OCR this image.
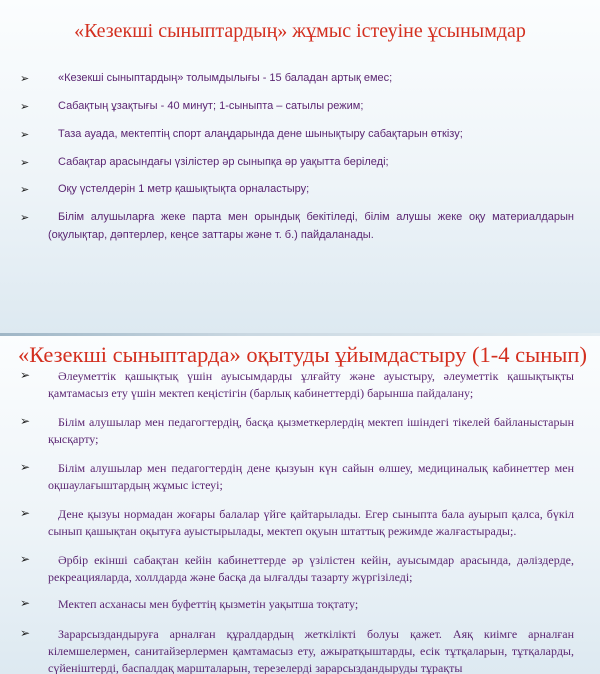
«Кезекші сыныптардың» жұмыс істеуіне ұсынымдар
➢	«Кезекші сыныптардың» толымдылығы - 15 баладан артық емес;
➢	Сабақтың ұзақтығы - 40 минут; 1-сыныпта – сатылы режим;
➢	Таза ауада, мектептің спорт алаңдарында дене шынықтыру сабақтарын өткізу;
➢	Сабақтар арасындағы үзілістер әр сыныпқа әр уақытта беріледі;
➢	Оқу үстелдерін 1 метр қашықтықта орналастыру;
➢	Білім алушыларға жеке парта мен орындық бекітіледі, білім алушы жеке оқу материалдарын (оқулықтар, дәптерлер, кеңсе заттары және т. б.) пайдаланады.
«Кезекші сыныптарда» оқытуды ұйымдастыру (1-4 сынып)
➢	Әлеуметтік қашықтық үшін ауысымдарды ұлғайту және ауыстыру, әлеуметтік қашықтықты қамтамасыз ету үшін мектеп кеңістігін (барлық кабинеттерді) барынша пайдалану;
➢	Білім алушылар мен педагогтердің, басқа қызметкерлердің мектеп ішіндегі тікелей байланыстарын қысқарту;
➢	Білім алушылар мен педагогтердің дене қызуын күн сайын өлшеу, медициналық кабинеттер мен оқшаулағыштардың жұмыс істеуі;
➢	Дене қызуы нормадан жоғары балалар үйге қайтарылады. Егер сыныпта бала ауырып қалса, бүкіл сынып қашықтан оқытуға ауыстырылады, мектеп оқуын штаттық режимде жалғастырады;.
➢	Әрбір екінші сабақтан кейін кабинеттерде әр үзілістен кейін, ауысымдар арасында, дәліздерде, рекреацияларда, холлдарда және басқа да ылғалды тазарту жүргізіледі;
➢	Мектеп асханасы мен буфеттің қызметін уақытша тоқтату;
➢	Зарарсыздандыруға арналған құралдардың жеткілікті болуы қажет. Аяқ киімге арналған кілемшелермен, санитайзерлермен қамтамасыз ету, ажыратқыштарды, есік тұтқаларын, тұтқаларды, сүйеніштерді, баспалдақ маршталарын, терезелерді зарарсыздандыруды тұрақты
